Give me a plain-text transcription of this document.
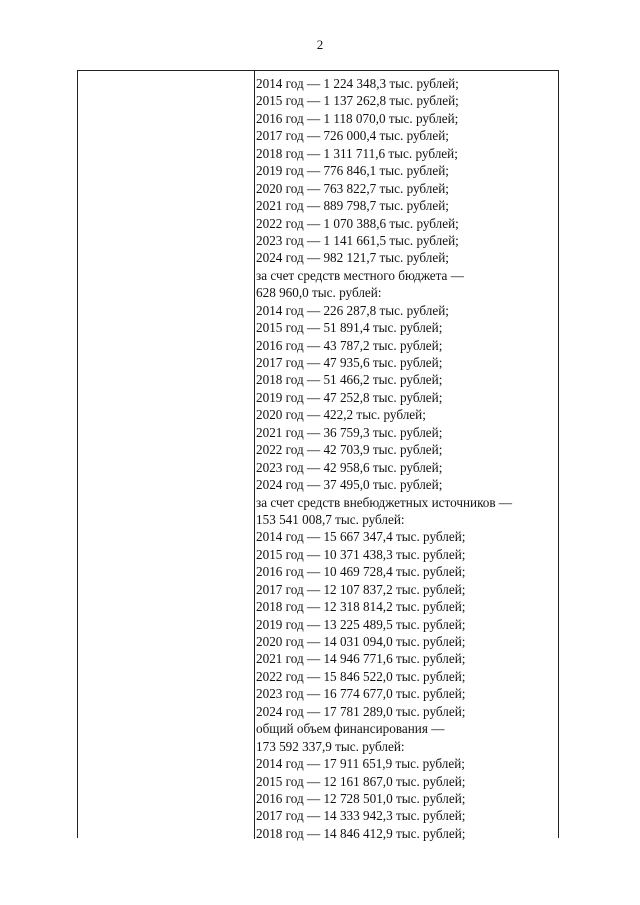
2
2014 год — 1 224 348,3 тыс. рублей;
2015 год — 1 137 262,8 тыс. рублей;
2016 год — 1 118 070,0 тыс. рублей;
2017 год — 726 000,4 тыс. рублей;
2018 год — 1 311 711,6 тыс. рублей;
2019 год — 776 846,1 тыс. рублей;
2020 год — 763 822,7 тыс. рублей;
2021 год — 889 798,7 тыс. рублей;
2022 год — 1 070 388,6 тыс. рублей;
2023 год — 1 141 661,5 тыс. рублей;
2024 год — 982 121,7 тыс. рублей;
за счет средств местного бюджета —
628 960,0 тыс. рублей:
2014 год — 226 287,8 тыс. рублей;
2015 год — 51 891,4 тыс. рублей;
2016 год — 43 787,2 тыс. рублей;
2017 год — 47 935,6 тыс. рублей;
2018 год — 51 466,2 тыс. рублей;
2019 год — 47 252,8 тыс. рублей;
2020 год — 422,2 тыс. рублей;
2021 год — 36 759,3 тыс. рублей;
2022 год — 42 703,9 тыс. рублей;
2023 год — 42 958,6 тыс. рублей;
2024 год — 37 495,0 тыс. рублей;
за счет средств внебюджетных источников —
153 541 008,7 тыс. рублей:
2014 год — 15 667 347,4 тыс. рублей;
2015 год — 10 371 438,3 тыс. рублей;
2016 год — 10 469 728,4 тыс. рублей;
2017 год — 12 107 837,2 тыс. рублей;
2018 год — 12 318 814,2 тыс. рублей;
2019 год — 13 225 489,5 тыс. рублей;
2020 год — 14 031 094,0 тыс. рублей;
2021 год — 14 946 771,6 тыс. рублей;
2022 год — 15 846 522,0 тыс. рублей;
2023 год — 16 774 677,0 тыс. рублей;
2024 год — 17 781 289,0 тыс. рублей;
общий объем финансирования —
173 592 337,9 тыс. рублей:
2014 год — 17 911 651,9 тыс. рублей;
2015 год — 12 161 867,0 тыс. рублей;
2016 год — 12 728 501,0 тыс. рублей;
2017 год — 14 333 942,3 тыс. рублей;
2018 год — 14 846 412,9 тыс. рублей;
